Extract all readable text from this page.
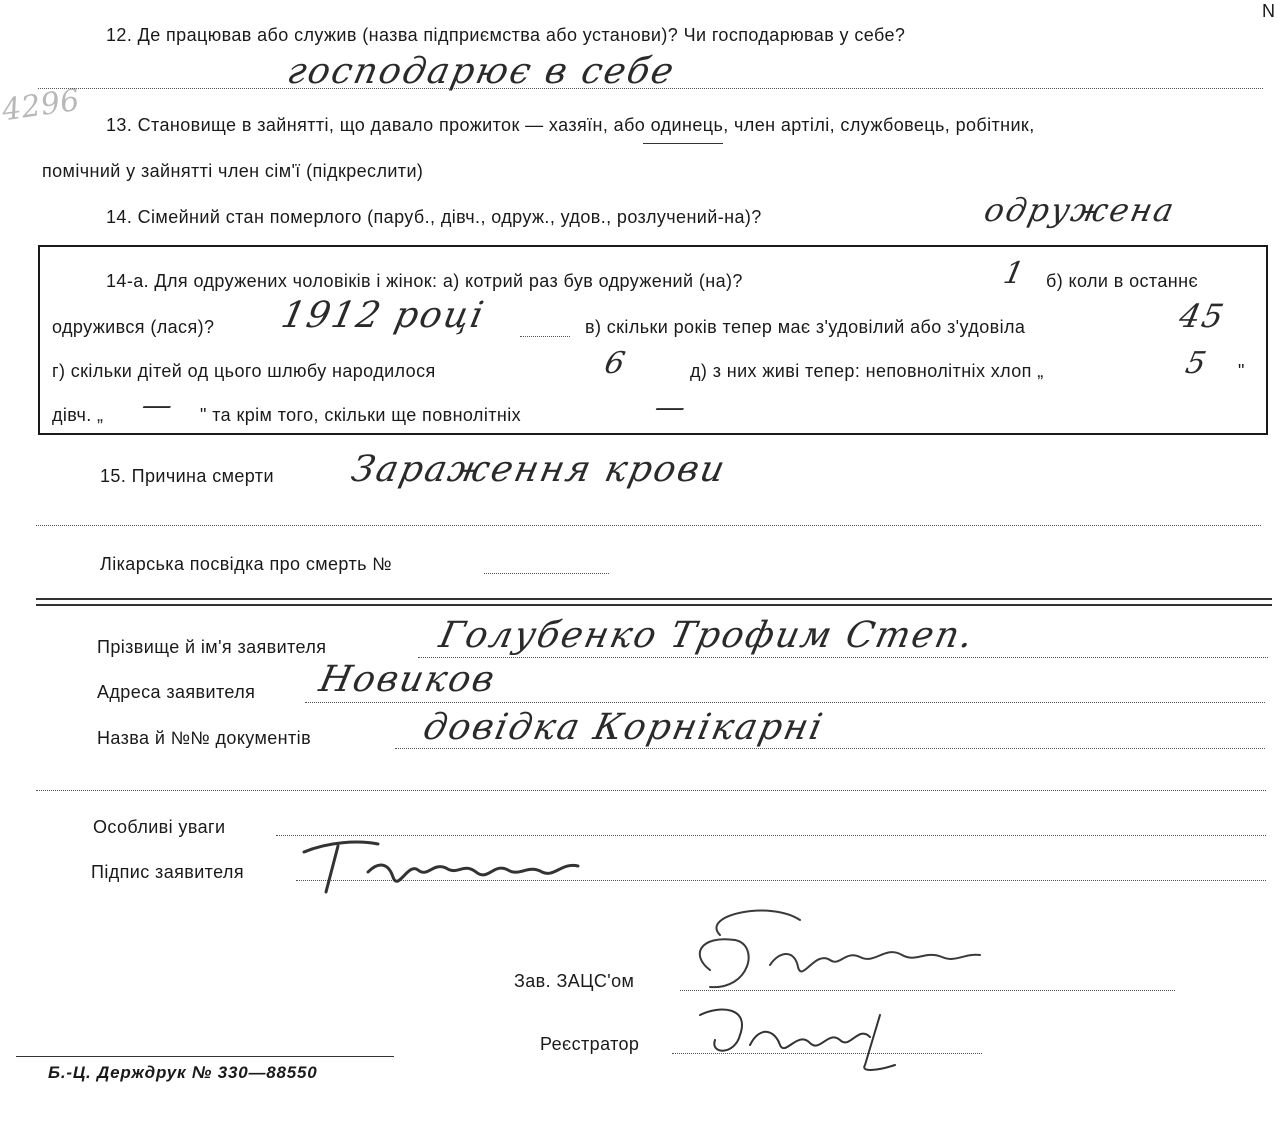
4296
N
12. Де працював або служив (назва підприємства або установи)? Чи господарював у себе?
господарює в себе
13. Становище в зайнятті, що давало прожиток — хазяїн, або одинець, член артілі, службовець, робітник,
помічний у зайнятті член сім'ї (підкреслити)
14. Сімейний стан померлого (паруб., дівч., одруж., удов., розлучений-на)?	одружена
14-а. Для одружених чоловіків і жінок: а) котрий раз був одружений (на)?	1 б) коли в останнє
одружився (лася)? 1912 році	в) скільки років тепер має з'удовілий або з'удовіла	45
г) скільки дітей од цього шлюбу народилося	6	д) з них живі тепер: неповнолітніх хлоп „	5 "
дівч. „ — " та крім того, скільки ще повнолітніх	—
15. Причина смерти Зараження крови
Лікарська посвідка про смерть №
Прізвище й ім'я заявителя	Голубенко Трофим Степ.
Адреса заявителя Новиков
Назва й №№ документів	довідка Корнікарні
Особливі уваги
Підпис заявителя
Зав. ЗАЦС'ом
Реєстратор
Б.-Ц. Держдрук № 330—88550
